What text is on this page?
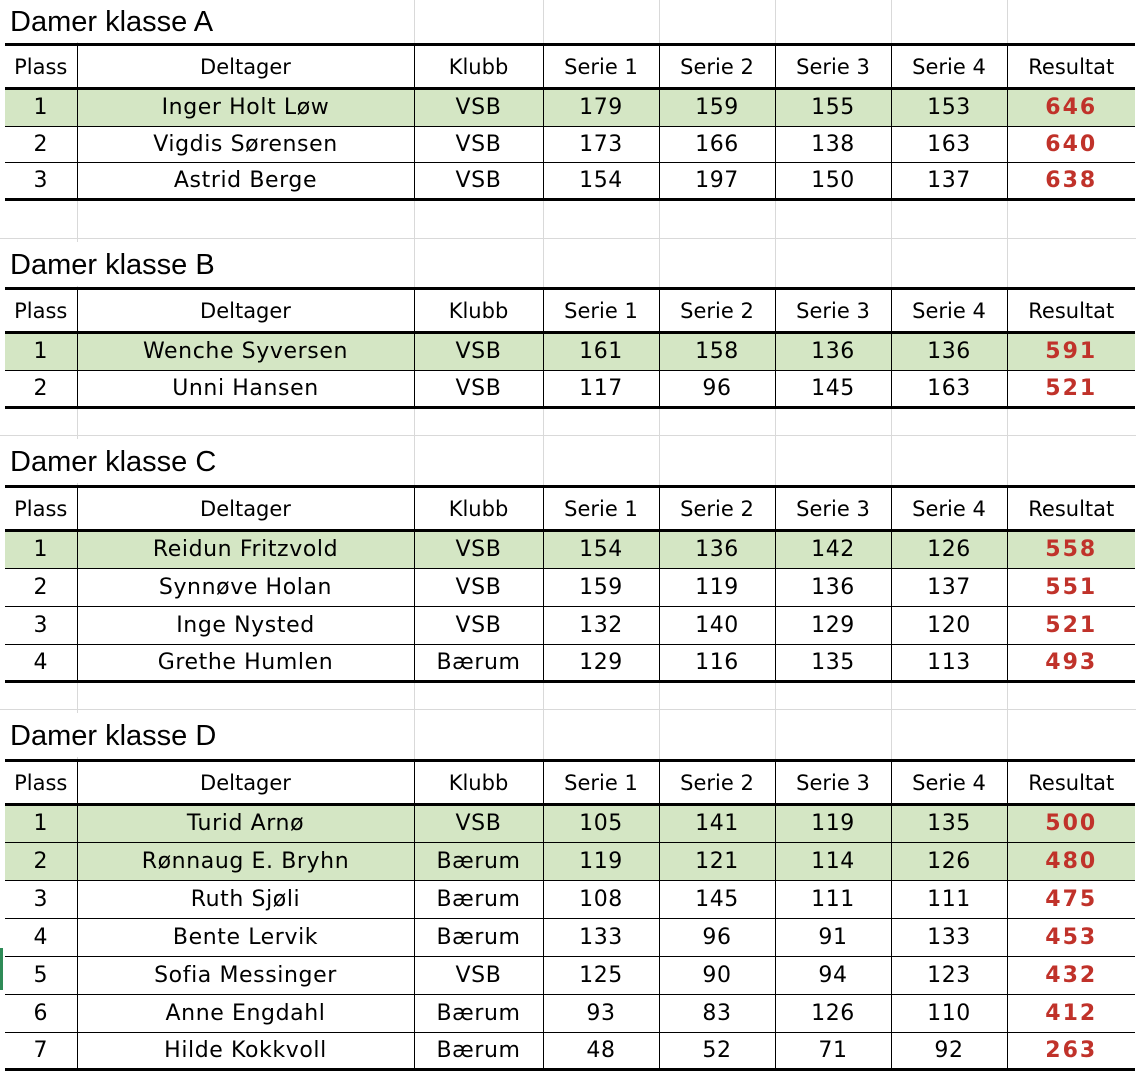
Damer klasse A
Plass	Deltager	Klubb	Serie 1	Serie 2	Serie 3	Serie 4	Resultat
1	Inger Holt Løw	VSB	179	159	155	153	646
2	Vigdis Sørensen	VSB	173	166	138	163	640
3	Astrid Berge	VSB	154	197	150	137	638
Damer klasse B
Plass	Deltager	Klubb	Serie 1	Serie 2	Serie 3	Serie 4	Resultat
1	Wenche Syversen	VSB	161	158	136	136	591
2	Unni Hansen	VSB	117	96	145	163	521
Damer klasse C
Plass	Deltager	Klubb	Serie 1	Serie 2	Serie 3	Serie 4	Resultat
1	Reidun Fritzvold	VSB	154	136	142	126	558
2	Synnøve Holan	VSB	159	119	136	137	551
3	Inge Nysted	VSB	132	140	129	120	521
4	Grethe Humlen	Bærum	129	116	135	113	493
Damer klasse D
Plass	Deltager	Klubb	Serie 1	Serie 2	Serie 3	Serie 4	Resultat
1	Turid Arnø	VSB	105	141	119	135	500
2	Rønnaug E. Bryhn	Bærum	119	121	114	126	480
3	Ruth Sjøli	Bærum	108	145	111	111	475
4	Bente Lervik	Bærum	133	96	91	133	453
5	Sofia Messinger	VSB	125	90	94	123	432
6	Anne Engdahl	Bærum	93	83	126	110	412
7	Hilde Kokkvoll	Bærum	48	52	71	92	263
